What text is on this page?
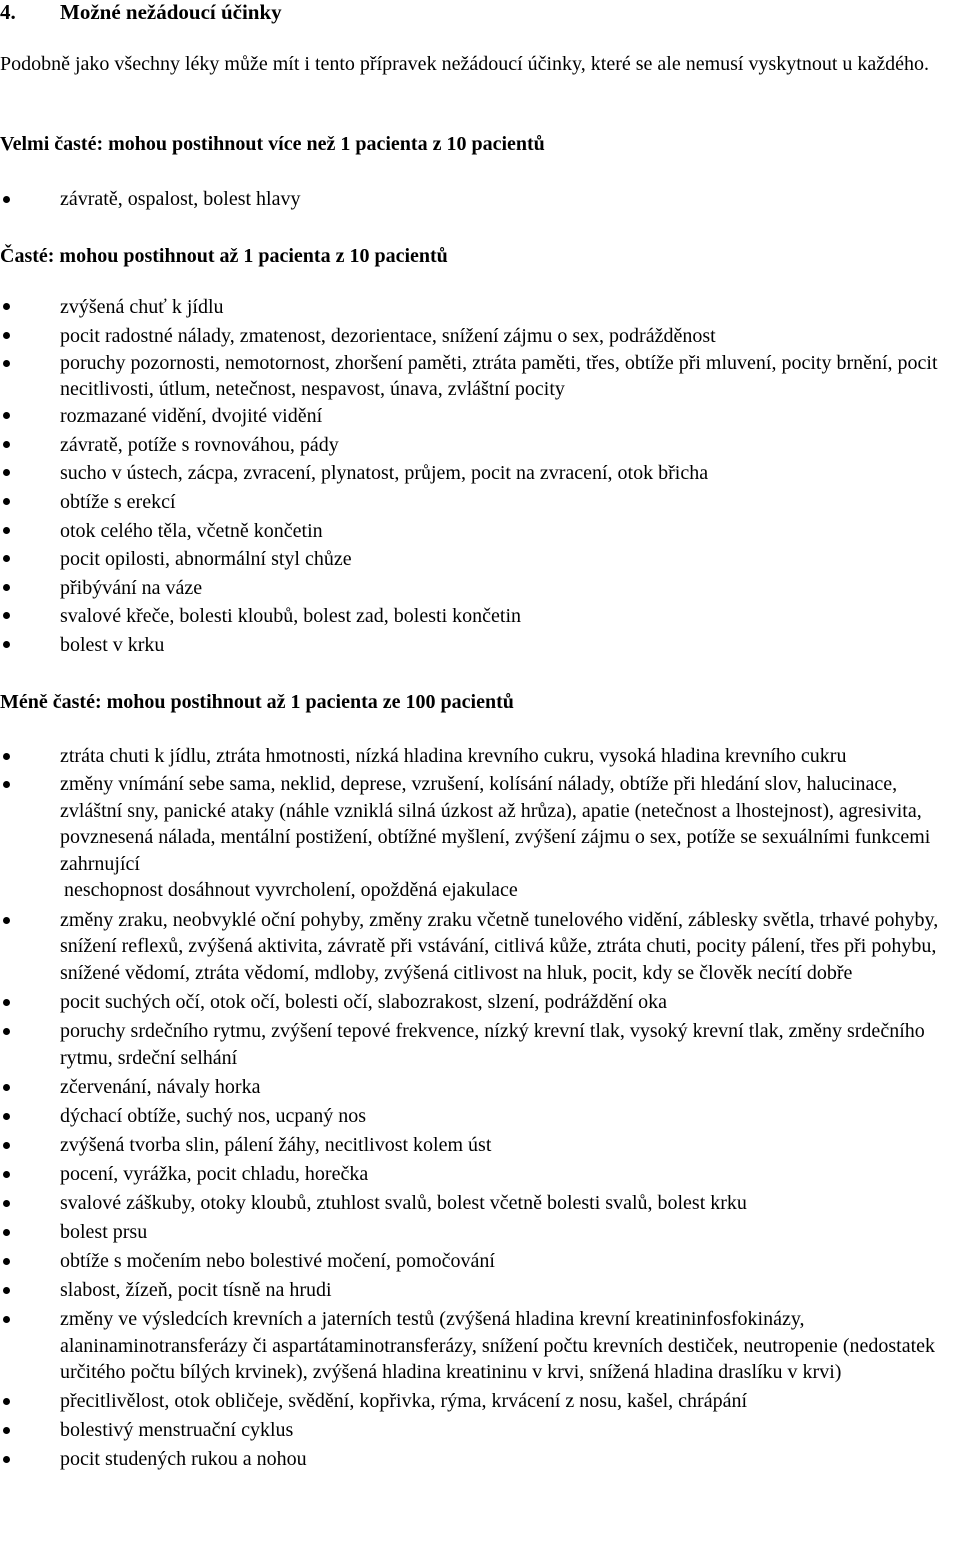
4. Možné nežádoucí účinky
Podobně jako všechny léky může mít i tento přípravek nežádoucí účinky, které se ale nemusí vyskytnout u každého.
Velmi časté: mohou postihnout více než 1 pacienta z 10 pacientů
závratě, ospalost, bolest hlavy
Časté: mohou postihnout až 1 pacienta z 10 pacientů
zvýšená chuť k jídlu
pocit radostné nálady, zmatenost, dezorientace, snížení zájmu o sex, podrážděnost
poruchy pozornosti, nemotornost, zhoršení paměti, ztráta paměti, třes, obtíže při mluvení, pocity brnění, pocit necitlivosti, útlum, netečnost, nespavost, únava, zvláštní pocity
rozmazané vidění, dvojité vidění
závratě, potíže s rovnováhou, pády
sucho v ústech, zácpa, zvracení, plynatost, průjem, pocit na zvracení, otok břicha
obtíže s erekcí
otok celého těla, včetně končetin
pocit opilosti, abnormální styl chůze
přibývání na váze
svalové křeče, bolesti kloubů, bolest zad, bolesti končetin
bolest v krku
Méně časté: mohou postihnout až 1 pacienta ze 100 pacientů
ztráta chuti k jídlu, ztráta hmotnosti, nízká hladina krevního cukru, vysoká hladina krevního cukru
změny vnímání sebe sama, neklid, deprese, vzrušení, kolísání nálady, obtíže při hledání slov, halucinace, zvláštní sny, panické ataky (náhle vzniklá silná úzkost až hrůza), apatie (netečnost a lhostejnost), agresivita, povznesená nálada, mentální postižení, obtížné myšlení, zvýšení zájmu o sex, potíže se sexuálními funkcemi zahrnující
neschopnost dosáhnout vyvrcholení, opožděná ejakulace
změny zraku, neobvyklé oční pohyby, změny zraku včetně tunelového vidění, záblesky světla, trhavé pohyby, snížení reflexů, zvýšená aktivita, závratě při vstávání, citlivá kůže, ztráta chuti, pocity pálení, třes při pohybu, snížené vědomí, ztráta vědomí, mdloby, zvýšená citlivost na hluk, pocit, kdy se člověk necítí dobře
pocit suchých očí, otok očí, bolesti očí, slabozrakost, slzení, podráždění oka
poruchy srdečního rytmu, zvýšení tepové frekvence, nízký krevní tlak, vysoký krevní tlak, změny srdečního rytmu, srdeční selhání
zčervenání, návaly horka
dýchací obtíže, suchý nos, ucpaný nos
zvýšená tvorba slin, pálení žáhy, necitlivost kolem úst
pocení, vyrážka, pocit chladu, horečka
svalové záškuby, otoky kloubů, ztuhlost svalů, bolest včetně bolesti svalů, bolest krku
bolest prsu
obtíže s močením nebo bolestivé močení, pomočování
slabost, žízeň, pocit tísně na hrudi
změny ve výsledcích krevních a jaterních testů (zvýšená hladina krevní kreatininfosfokinázy, alaninaminotransferázy či aspartátaminotransferázy, snížení počtu krevních destiček, neutropenie (nedostatek určitého počtu bílých krvinek), zvýšená hladina kreatininu v krvi, snížená hladina draslíku v krvi)
přecitlivělost, otok obličeje, svědění, kopřivka, rýma, krvácení z nosu, kašel, chrápání
bolestivý menstruační cyklus
pocit studených rukou a nohou
